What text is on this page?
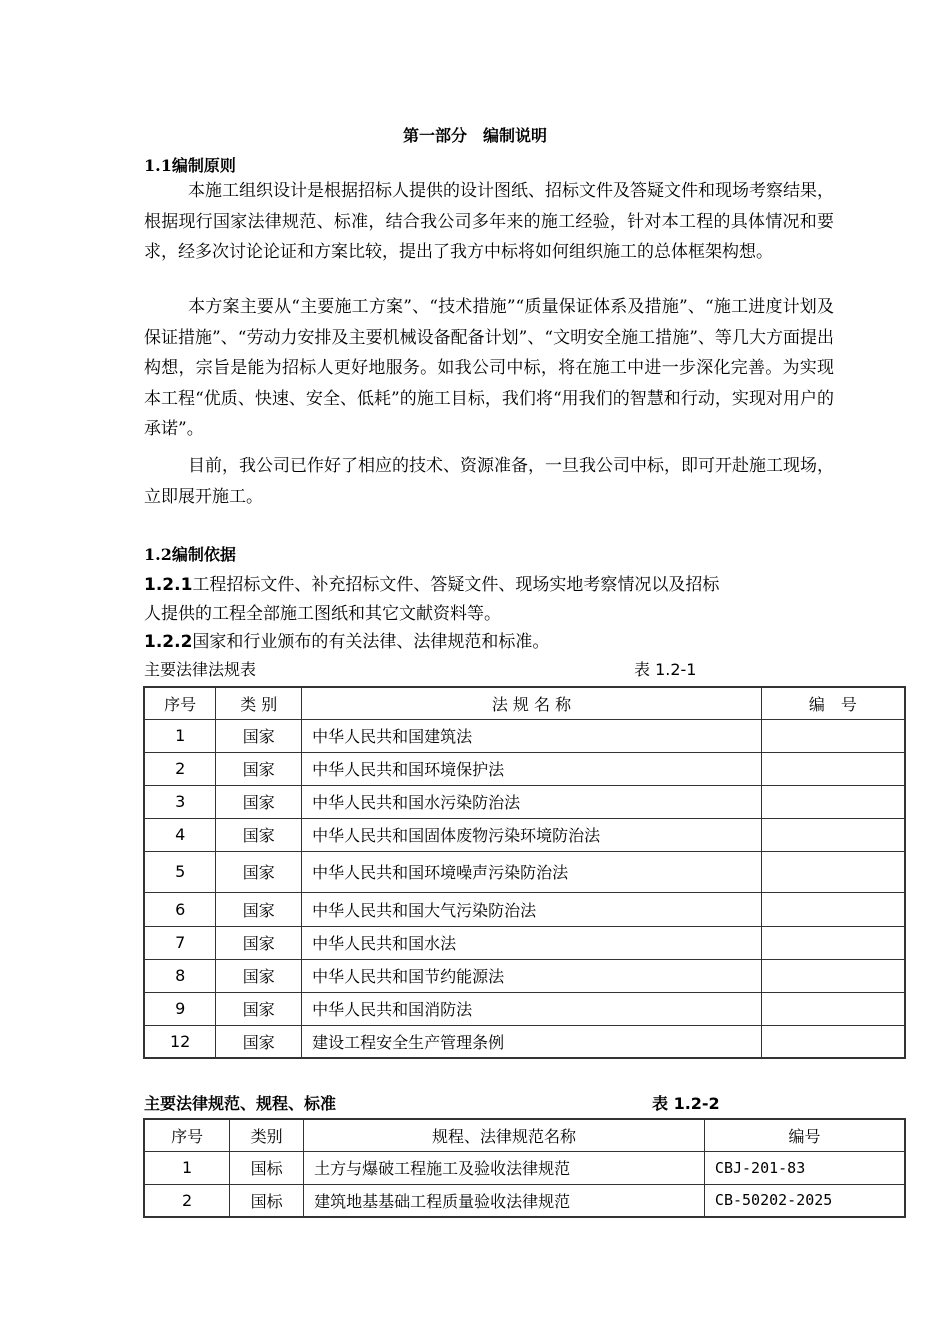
第一部分　编制说明
1.1编制原则

本施工组织设计是根据招标人提供的设计图纸、招标文件及答疑文件和现场考察结果，根据现行国家法律规范、标准，结合我公司多年来的施工经验，针对本工程的具体情况和要求，经多次讨论论证和方案比较，提出了我方中标将如何组织施工的总体框架构想。

本方案主要从“主要施工方案”、“技术措施”“质量保证体系及措施”、“施工进度计划及保证措施”、“劳动力安排及主要机械设备配备计划”、“文明安全施工措施”、等几大方面提出构想，宗旨是能为招标人更好地服务。如我公司中标，将在施工中进一步深化完善。为实现本工程“优质、快速、安全、低耗”的施工目标，我们将“用我们的智慧和行动，实现对用户的承诺”。

目前，我公司已作好了相应的技术、资源准备，一旦我公司中标，即可开赴施工现场，立即展开施工。

1.2编制依据
1.2.1工程招标文件、补充招标文件、答疑文件、现场实地考察情况以及招标
人提供的工程全部施工图纸和其它文献资料等。
1.2.2国家和行业颁布的有关法律、法律规范和标准。
主要法律法规表	表 1.2-1
序号	类 别	法 规 名 称	编　号
1	国家	中华人民共和国建筑法	
2	国家	中华人民共和国环境保护法	
3	国家	中华人民共和国水污染防治法	
4	国家	中华人民共和国固体废物污染环境防治法	
5	国家	中华人民共和国环境噪声污染防治法	
6	国家	中华人民共和国大气污染防治法	
7	国家	中华人民共和国水法	
8	国家	中华人民共和国节约能源法	
9	国家	中华人民共和国消防法	
12	国家	建设工程安全生产管理条例	
主要法律规范、规程、标准	表 1.2-2
序号	类别	规程、法律规范名称	编号
1	国标	土方与爆破工程施工及验收法律规范	CBJ-201-83
2	国标	建筑地基基础工程质量验收法律规范	CB-50202-2025
